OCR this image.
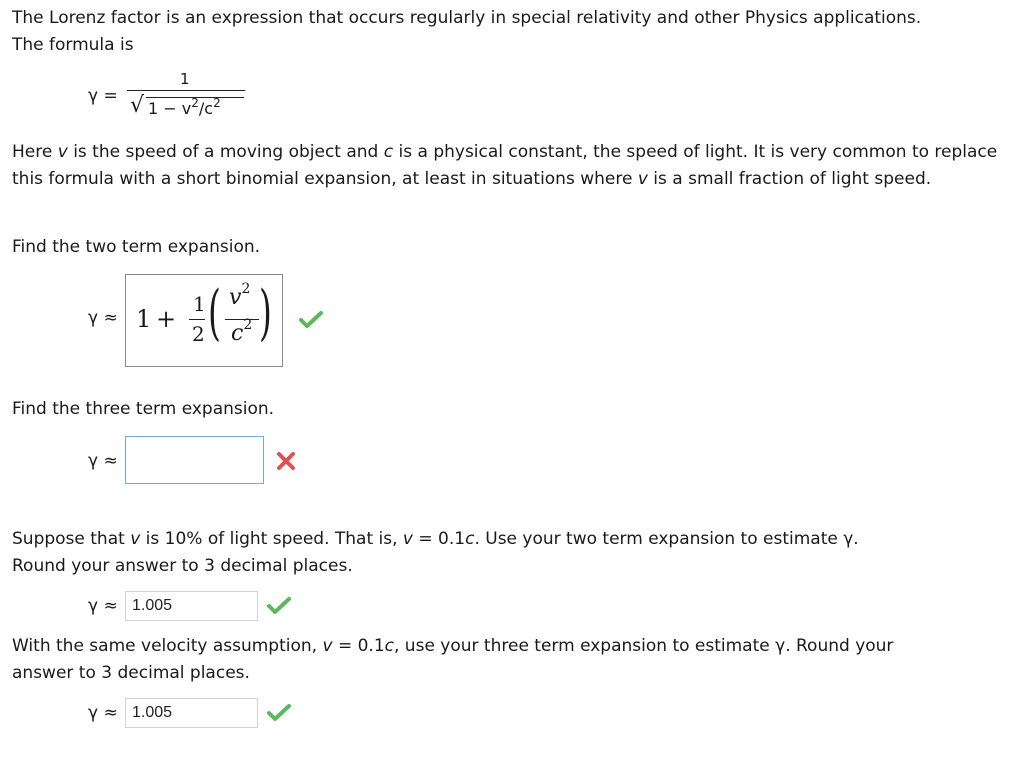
The Lorenz factor is an expression that occurs regularly in special relativity and other Physics applications.

The formula is

γ =
1
√ $1 - v^2/c^2$

Here v is the speed of a moving object and c is a physical constant, the speed of light. It is very common to replace this formula with a short binomial expansion, at least in situations where v is a small fraction of light speed.

Find the two term expansion.
γ ≈ 1 +
1
2 ( $v^2$
$c^2$ )
Find the three term expansion.
γ ≈

Suppose that v is 10% of light speed. That is, v = 0.1c. Use your two term expansion to estimate γ.

Round your answer to 3 decimal places.

γ ≈ 1.005

With the same velocity assumption, v = 0.1c, use your three term expansion to estimate γ. Round your

answer to 3 decimal places.

γ ≈ 1.005
